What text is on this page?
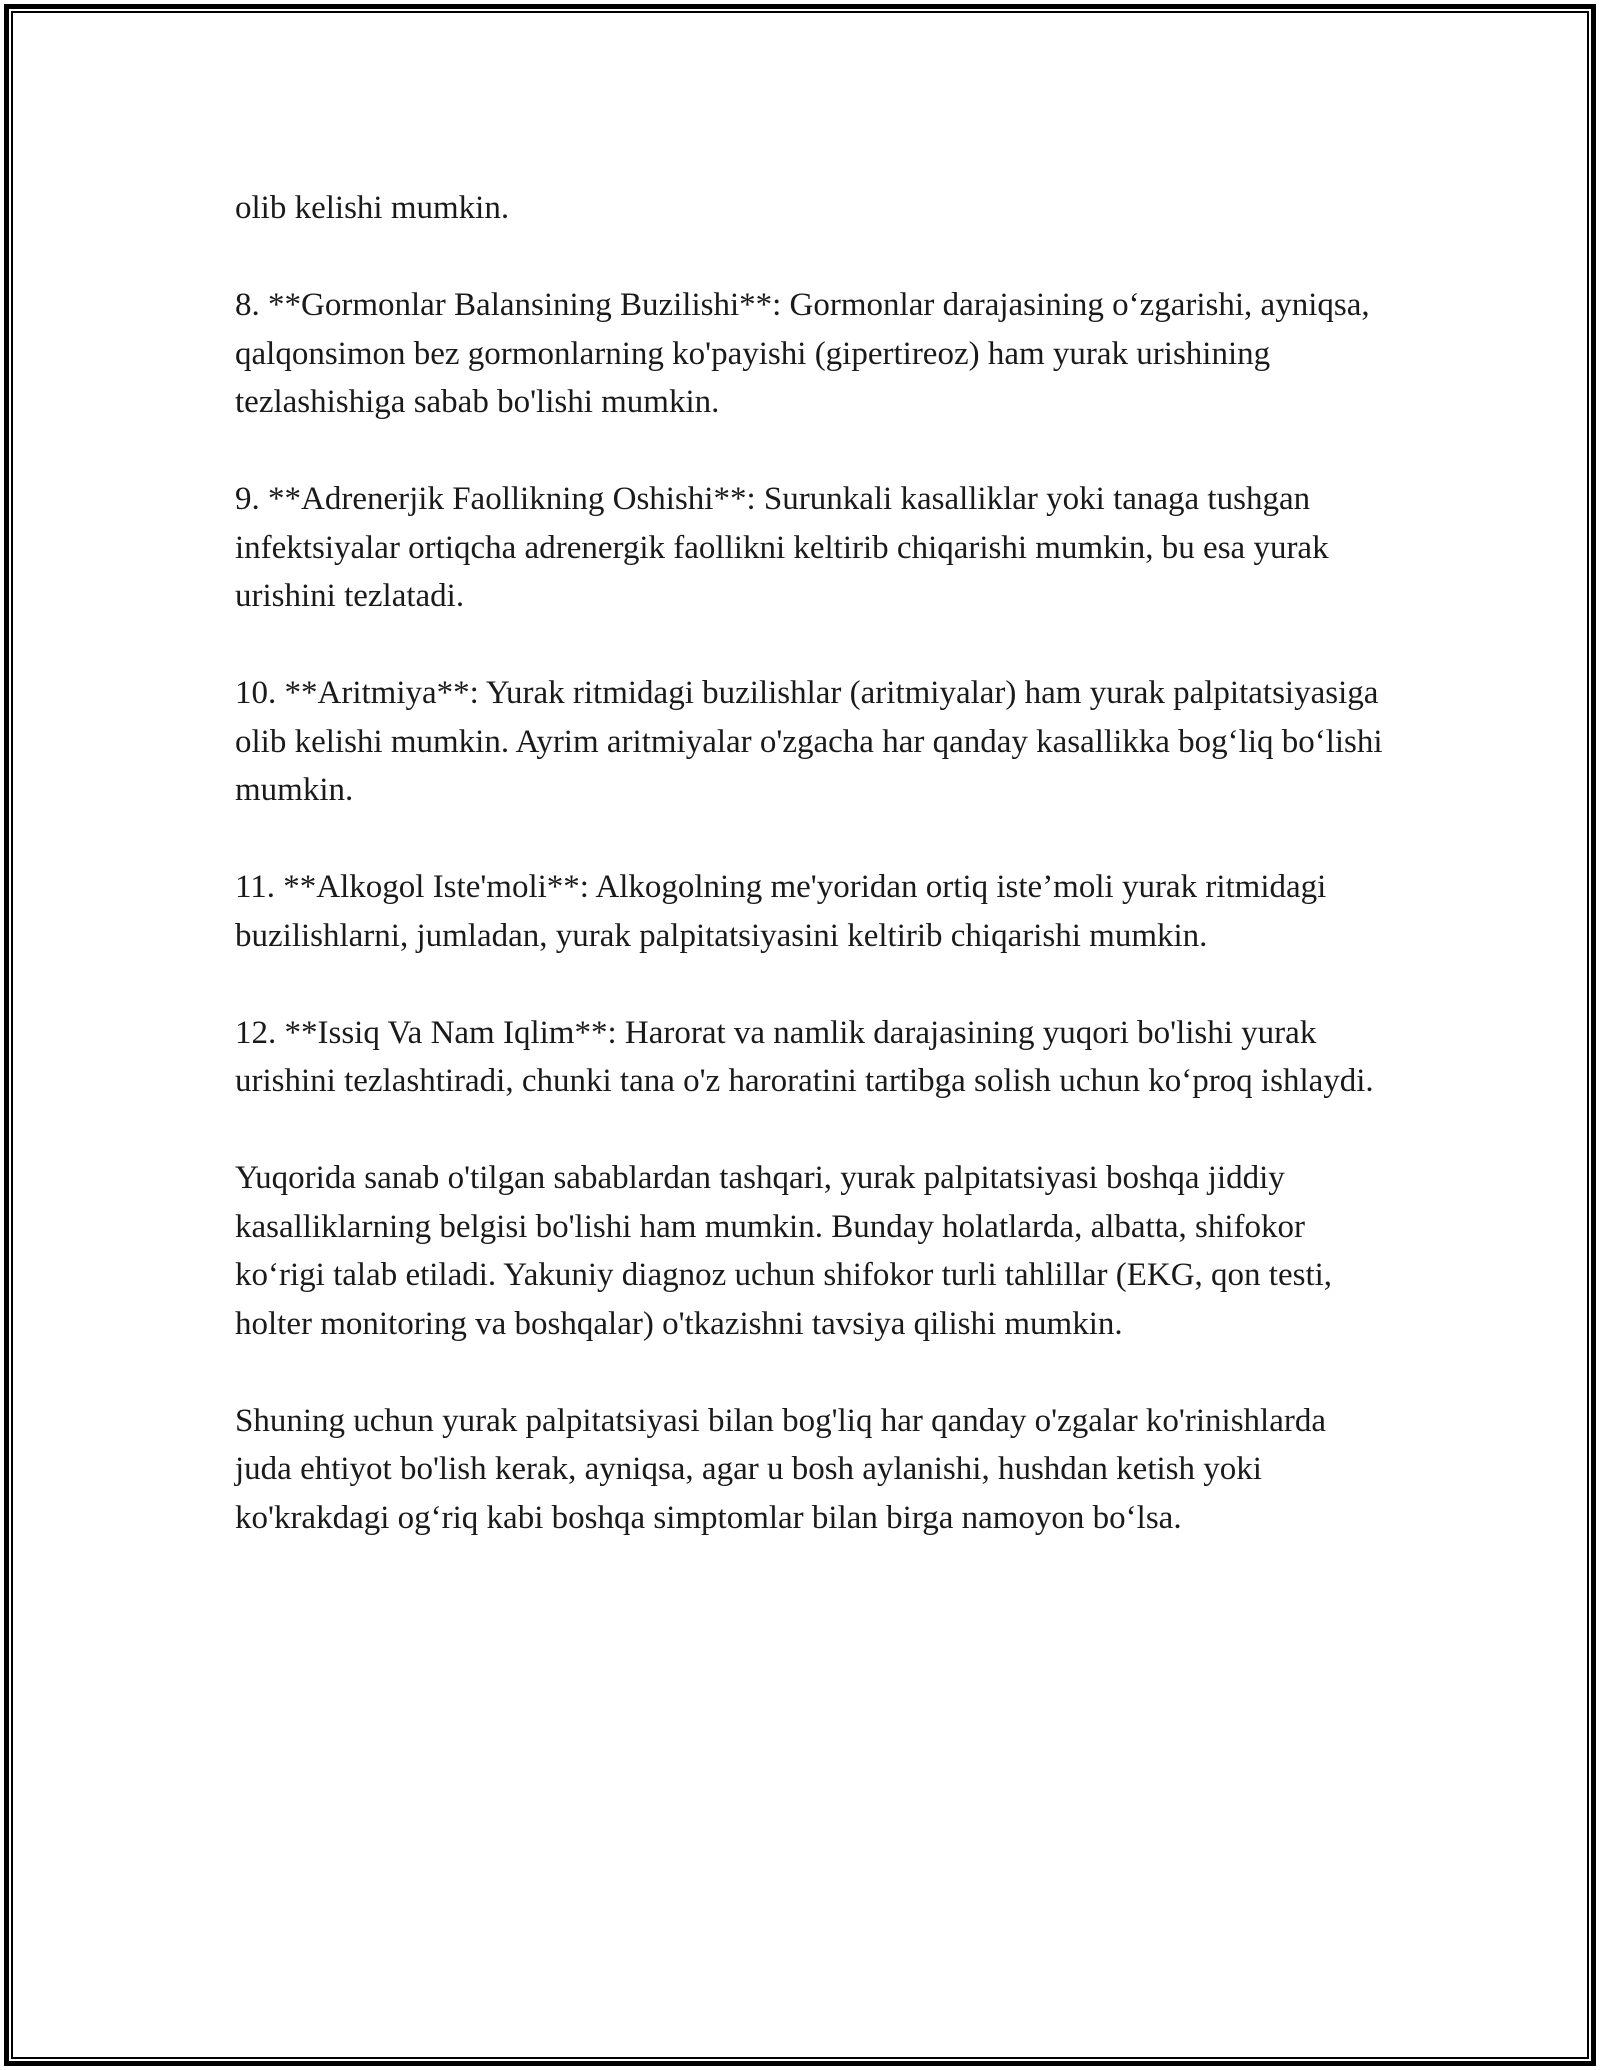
olib kelishi mumkin.

8. **Gormonlar Balansining Buzilishi**: Gormonlar darajasining o‘zgarishi, ayniqsa, qalqonsimon bez gormonlarning ko'payishi (gipertireoz) ham yurak urishining tezlashishiga sabab bo'lishi mumkin.

9. **Adrenerjik Faollikning Oshishi**: Surunkali kasalliklar yoki tanaga tushgan infektsiyalar ortiqcha adrenergik faollikni keltirib chiqarishi mumkin, bu esa yurak urishini tezlatadi.

10. **Aritmiya**: Yurak ritmidagi buzilishlar (aritmiyalar) ham yurak palpitatsiyasiga olib kelishi mumkin. Ayrim aritmiyalar o'zgacha har qanday kasallikka bog‘liq bo‘lishi mumkin.

11. **Alkogol Iste'moli**: Alkogolning me'yoridan ortiq iste’moli yurak ritmidagi buzilishlarni, jumladan, yurak palpitatsiyasini keltirib chiqarishi mumkin.

12. **Issiq Va Nam Iqlim**: Harorat va namlik darajasining yuqori bo'lishi yurak urishini tezlashtiradi, chunki tana o'z haroratini tartibga solish uchun ko‘proq ishlaydi.

Yuqorida sanab o'tilgan sabablardan tashqari, yurak palpitatsiyasi boshqa jiddiy kasalliklarning belgisi bo'lishi ham mumkin. Bunday holatlarda, albatta, shifokor ko‘rigi talab etiladi. Yakuniy diagnoz uchun shifokor turli tahlillar (EKG, qon testi, holter monitoring va boshqalar) o'tkazishni tavsiya qilishi mumkin.

Shuning uchun yurak palpitatsiyasi bilan bog'liq har qanday o'zgalar ko'rinishlarda juda ehtiyot bo'lish kerak, ayniqsa, agar u bosh aylanishi, hushdan ketish yoki ko'krakdagi og‘riq kabi boshqa simptomlar bilan birga namoyon bo‘lsa.
